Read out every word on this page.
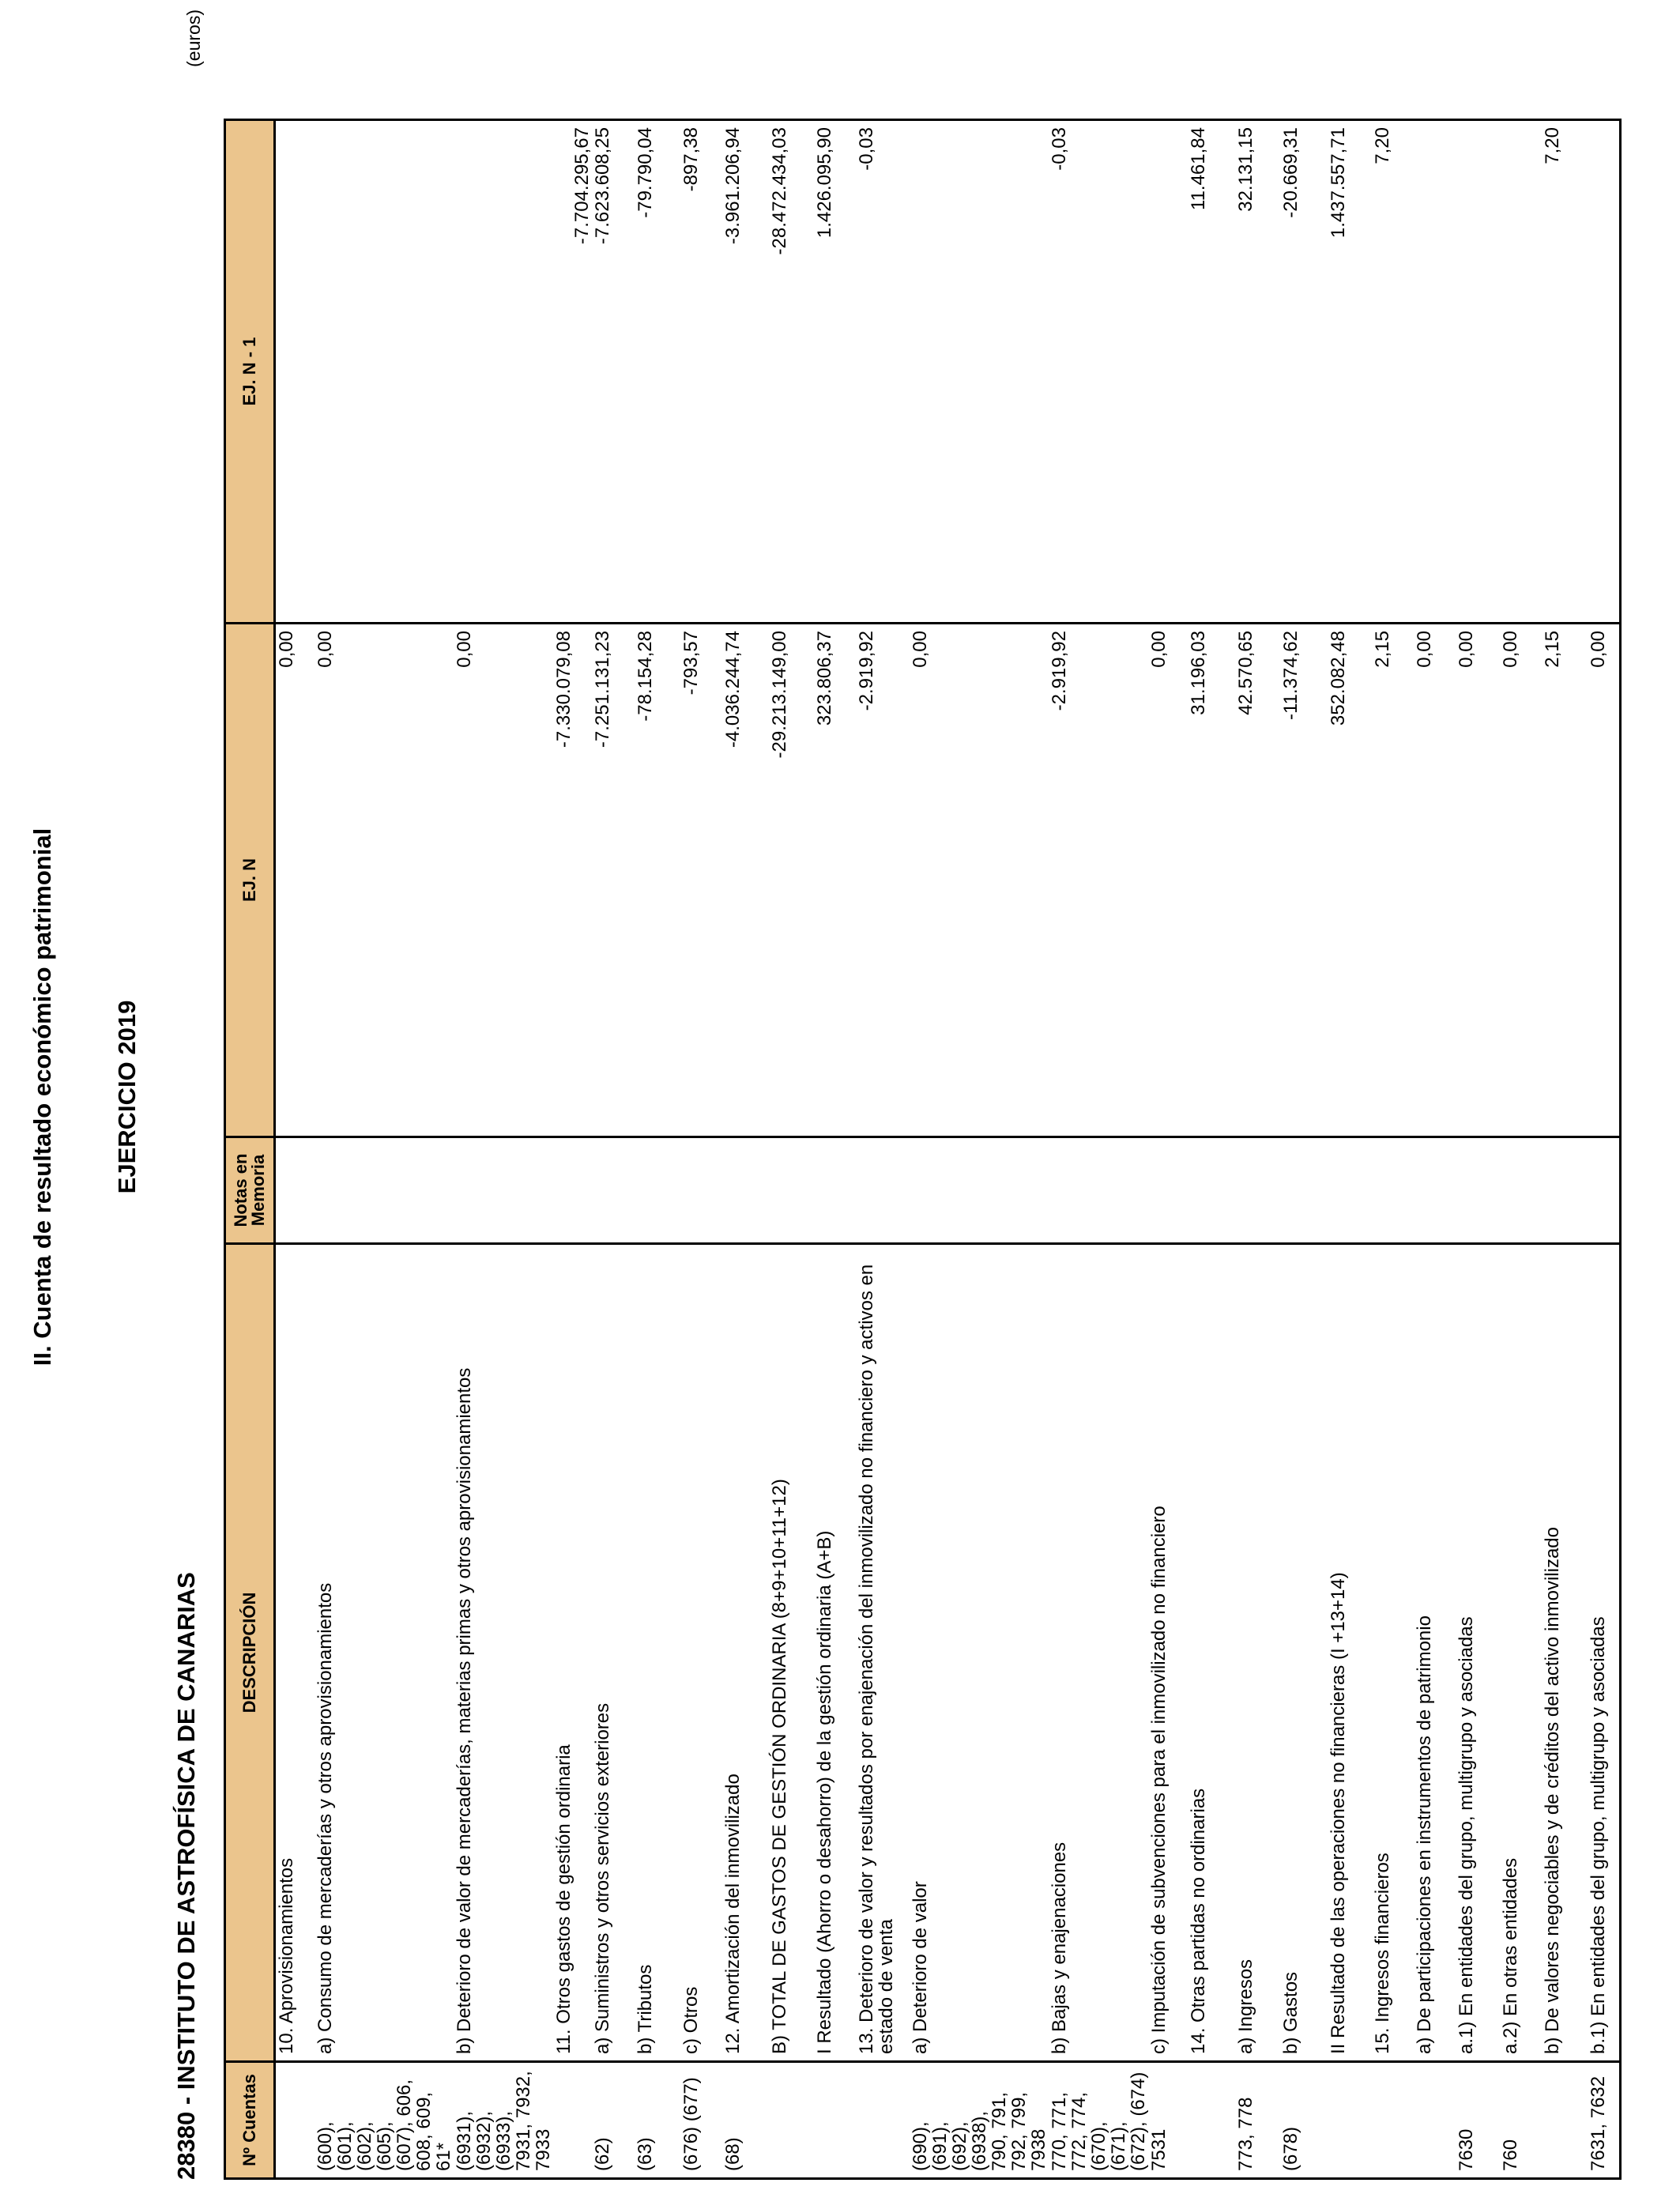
II. Cuenta de resultado económico patrimonial EJERCICIO 2019
28380 - INSTITUTO DE ASTROFÍSICA DE CANARIAS
(euros)
Nº Cuentas	DESCRIPCIÓN	Notas en Memoria	EJ. N	EJ. N - 1
	10. Aprovisionamientos		0,00	
(600), (601), (602), (605), (607), 606, 608, 609, 61*	a) Consumo de mercaderías y otros aprovisionamientos		0,00	
(6931), (6932), (6933), 7931, 7932, 7933	b) Deterioro de valor de mercaderías, materias primas y otros aprovisionamientos		0,00	
	11. Otros gastos de gestión ordinaria		-7.330.079,08	-7.704.295,67
(62)	a) Suministros y otros servicios exteriores		-7.251.131,23	-7.623.608,25
(63)	b) Tributos		-78.154,28	-79.790,04
(676) (677)	c) Otros		-793,57	-897,38
(68)	12. Amortización del inmovilizado		-4.036.244,74	-3.961.206,94
	B) TOTAL DE GASTOS DE GESTIÓN ORDINARIA (8+9+10+11+12)		-29.213.149,00	-28.472.434,03
	I Resultado (Ahorro o desahorro) de la gestión ordinaria (A+B)		323.806,37	1.426.095,90
	13. Deterioro de valor y resultados por enajenación del inmovilizado no financiero y activos en estado de venta		-2.919,92	-0,03
(690), (691), (692), (6938), 790, 791, 792, 799, 7938	a) Deterioro de valor		0,00	
770, 771, 772, 774, (670), (671), (672), (674)	b) Bajas y enajenaciones		-2.919,92	-0,03
7531	c) Imputación de subvenciones para el inmovilizado no financiero		0,00	
	14. Otras partidas no ordinarias		31.196,03	11.461,84
773, 778	a) Ingresos		42.570,65	32.131,15
(678)	b) Gastos		-11.374,62	-20.669,31
	II Resultado de las operaciones no financieras (I +13+14)		352.082,48	1.437.557,71
	15. Ingresos financieros		2,15	7,20
	a) De participaciones en instrumentos de patrimonio		0,00	
7630	a.1) En entidades del grupo, multigrupo y asociadas		0,00	
760	a.2) En otras entidades		0,00	
	b) De valores negociables y de créditos del activo inmovilizado		2,15	7,20
7631, 7632	b.1) En entidades del grupo, multigrupo y asociadas		0,00	
